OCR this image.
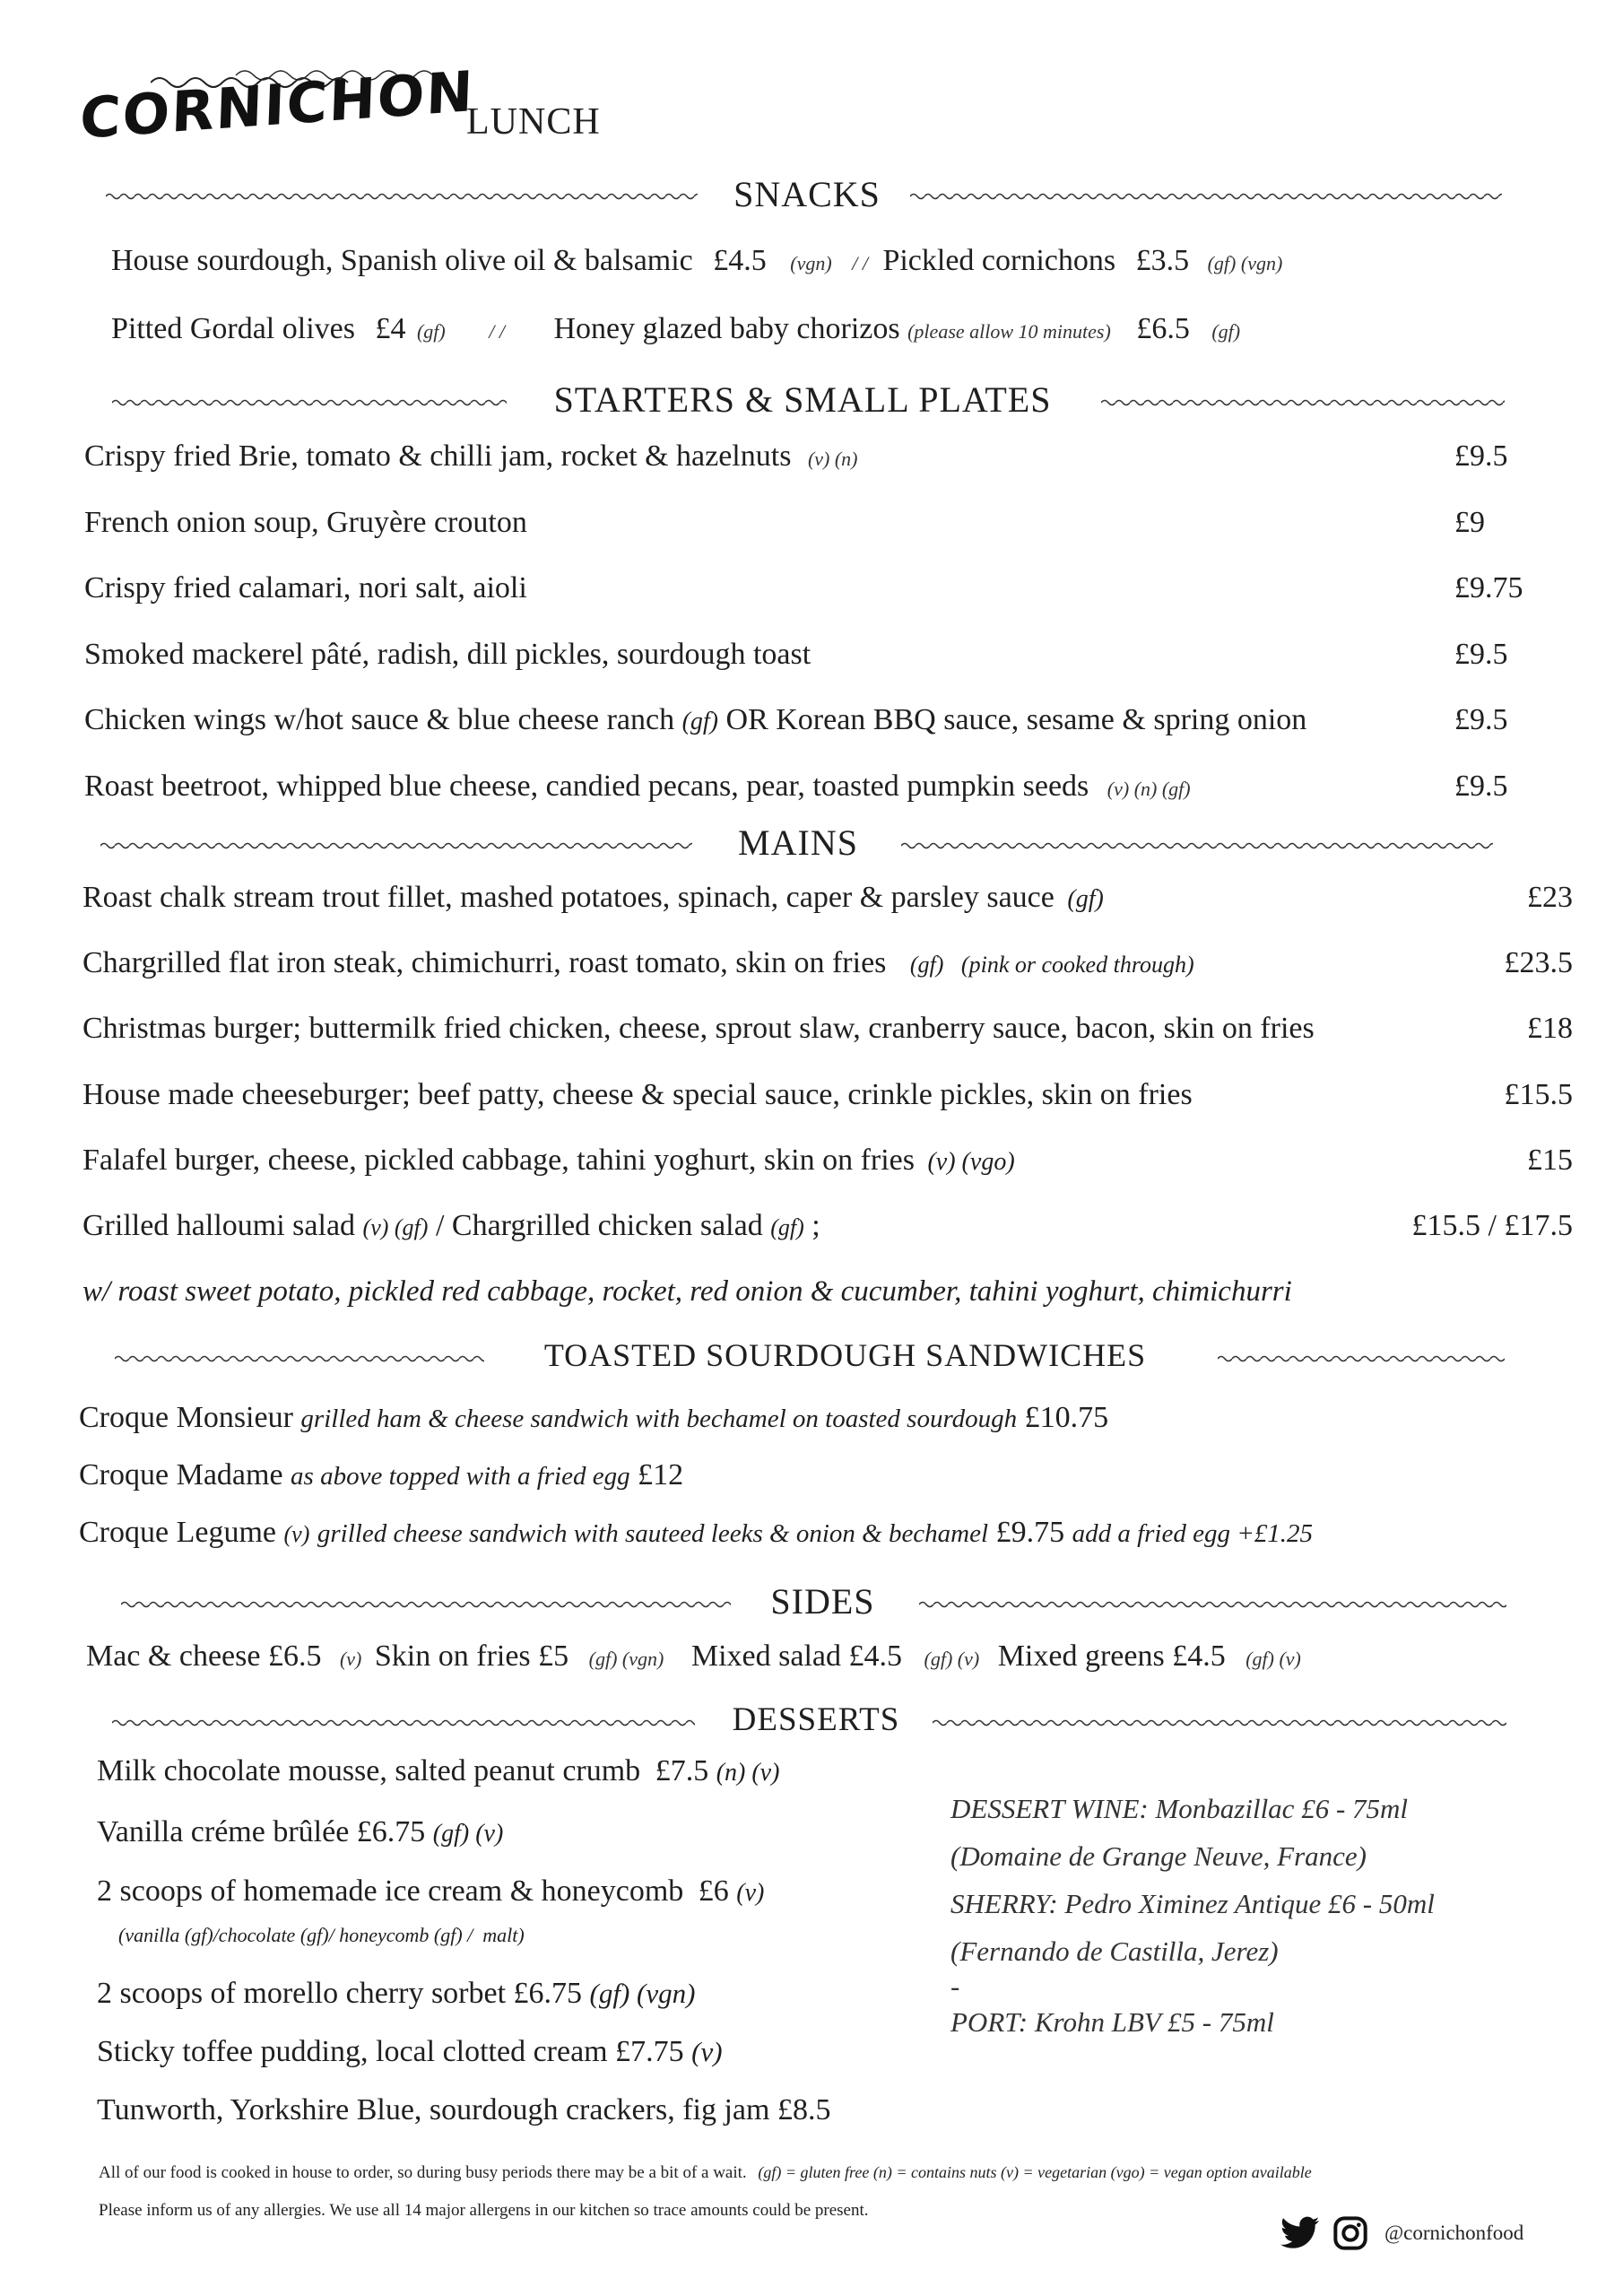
CORNICHON
LUNCH
SNACKS
House sourdough, Spanish olive oil & balsamic £4.5 (vgn) / / Pickled cornichons £3.5 (gf) (vgn)
Pitted Gordal olives £4 (gf) / / Honey glazed baby chorizos (please allow 10 minutes) £6.5 (gf)
STARTERS & SMALL PLATES
Crispy fried Brie, tomato & chilli jam, rocket & hazelnuts (v) (n)	£9.5
French onion soup, Gruyère crouton	£9
Crispy fried calamari, nori salt, aioli	£9.75
Smoked mackerel pâté, radish, dill pickles, sourdough toast	£9.5
Chicken wings w/hot sauce & blue cheese ranch (gf) OR Korean BBQ sauce, sesame & spring onion	£9.5
Roast beetroot, whipped blue cheese, candied pecans, pear, toasted pumpkin seeds (v) (n) (gf)	£9.5
MAINS
Roast chalk stream trout fillet, mashed potatoes, spinach, caper & parsley sauce (gf)	£23
Chargrilled flat iron steak, chimichurri, roast tomato, skin on fries (gf)   (pink or cooked through)	£23.5
Christmas burger; buttermilk fried chicken, cheese, sprout slaw, cranberry sauce, bacon, skin on fries	£18
House made cheeseburger; beef patty, cheese & special sauce, crinkle pickles, skin on fries	£15.5
Falafel burger, cheese, pickled cabbage, tahini yoghurt, skin on fries (v) (vgo)	£15
Grilled halloumi salad (v) (gf) / Chargrilled chicken salad (gf) ;	£15.5 / £17.5
w/ roast sweet potato, pickled red cabbage, rocket, red onion & cucumber, tahini yoghurt, chimichurri
TOASTED SOURDOUGH SANDWICHES
Croque Monsieur grilled ham & cheese sandwich with bechamel on toasted sourdough £10.75
Croque Madame as above topped with a fried egg £12
Croque Legume (v) grilled cheese sandwich with sauteed leeks & onion & bechamel £9.75 add a fried egg +£1.25
SIDES
Mac & cheese £6.5 (v) Skin on fries £5 (gf) (vgn) Mixed salad £4.5 (gf) (v) Mixed greens £4.5 (gf) (v)
DESSERTS
Milk chocolate mousse, salted peanut crumb £7.5 (n) (v)
Vanilla créme brûlée £6.75 (gf) (v)
2 scoops of homemade ice cream & honeycomb £6 (v)
(vanilla (gf)/chocolate (gf)/ honeycomb (gf) /  malt)
2 scoops of morello cherry sorbet £6.75 (gf) (vgn)
Sticky toffee pudding, local clotted cream £7.75 (v)
Tunworth, Yorkshire Blue, sourdough crackers, fig jam £8.5
DESSERT WINE: Monbazillac £6 - 75ml
(Domaine de Grange Neuve, France)
SHERRY: Pedro Ximinez Antique £6 - 50ml
(Fernando de Castilla, Jerez)
-
PORT: Krohn LBV £5 - 75ml
All of our food is cooked in house to order, so during busy periods there may be a bit of a wait. (gf) = gluten free (n) = contains nuts (v) = vegetarian (vgo) = vegan option available
Please inform us of any allergies. We use all 14 major allergens in our kitchen so trace amounts could be present.
@cornichonfood
